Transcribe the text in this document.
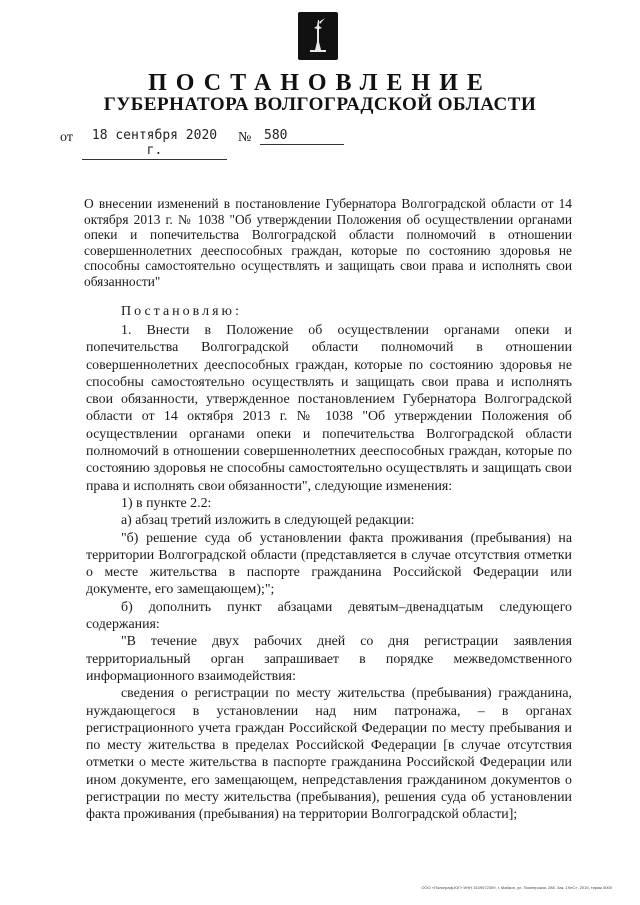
ПОСТАНОВЛЕНИЕ
ГУБЕРНАТОРА ВОЛГОГРАДСКОЙ ОБЛАСТИ
от	18 сентября 2020 г.
№ 580
О внесении изменений в постановление Губернатора Волгоградской области от 14 октября 2013 г. № 1038 "Об утверждении Положения об осуществлении органами опеки и попечительства Волгоградской области полномочий в отношении совершеннолетних дееспособных граждан, которые по состоянию здоровья не способны самостоятельно осуществлять и защищать свои права и исполнять свои обязанности"
Постановляю:

1. Внести в Положение об осуществлении органами опеки и попечительства Волгоградской области полномочий в отношении совершеннолетних дееспособных граждан, которые по состоянию здоровья не способны самостоятельно осуществлять и защищать свои права и исполнять свои обязанности, утвержденное постановлением Губернатора Волгоградской области от 14 октября 2013 г. № 1038 "Об утверждении Положения об осуществлении органами опеки и попечительства Волгоградской области полномочий в отношении совершеннолетних дееспособных граждан, которые по состоянию здоровья не способны самостоятельно осуществлять и защищать свои права и исполнять свои обязанности", следующие изменения:

1) в пункте 2.2:

а) абзац третий изложить в следующей редакции:

"б) решение суда об установлении факта проживания (пребывания) на территории Волгоградской области (представляется в случае отсутствия отметки о месте жительства в паспорте гражданина Российской Федерации или документе, его замещающем);";

б) дополнить пункт абзацами девятым–двенадцатым следующего содержания:

"В течение двух рабочих дней со дня регистрации заявления территориальный орган запрашивает в порядке межведомственного информационного взаимодействия:

сведения о регистрации по месту жительства (пребывания) гражданина, нуждающегося в установлении над ним патронажа, – в органах регистрационного учета граждан Российской Федерации по месту пребывания и по месту жительства в пределах Российской Федерации [в случае отсутствия отметки о месте жительства в паспорте гражданина Российской Федерации или ином документе, его замещающем, непредставления гражданином документов о регистрации по месту жительства (пребывания), решения суда об установлении факта проживания (пребывания) на территории Волгоградской области];

ООО «Полиграф-ЮГ» ИНН 3109072309, г. Майкоп, ул. Пионерская, 288. Зак. 19лС», 2015, тираж 5000
